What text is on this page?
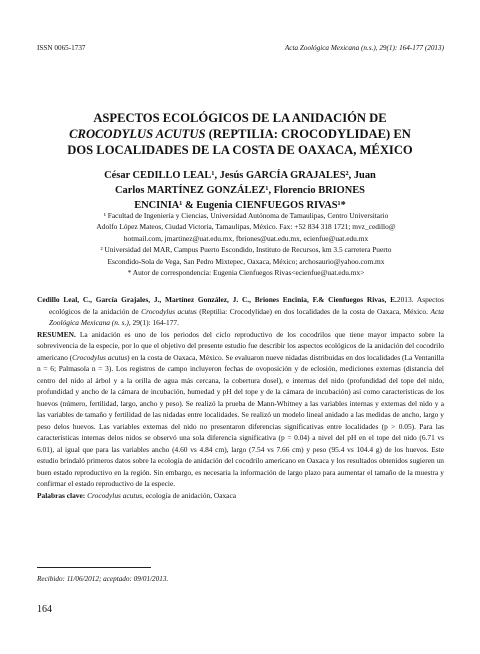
ISSN 0065-1737	Acta Zoológica Mexicana (n.s.), 29(1): 164-177 (2013)
ASPECTOS ECOLÓGICOS DE LA ANIDACIÓN DE
CROCODYLUS ACUTUS (REPTILIA: CROCODYLIDAE) EN
DOS LOCALIDADES DE LA COSTA DE OAXACA, MÉXICO
César CEDILLO LEAL¹, Jesús GARCÍA GRAJALES², Juan
Carlos MARTÍNEZ GONZÁLEZ¹, Florencio BRIONES
ENCINIA¹ & Eugenia CIENFUEGOS RIVAS¹*
¹ Facultad de Ingeniería y Ciencias, Universidad Autónoma de Tamaulipas, Centro Universitario
Adolfo López Mateos, Ciudad Victoria, Tamaulipas, México. Fax: +52 834 318 1721; mvz_cedillo@
hotmail.com, jmartinez@uat.edu.mx, fbriones@uat.edu.mx, ecienfue@uat.edu.mx
² Universidad del MAR, Campus Puerto Escondido, Instituto de Recursos, km 3.5 carretera Puerto
Escondido-Sola de Vega, San Pedro Mixtepec, Oaxaca, México; archosaurio@yahoo.com.mx
* Autor de correspondencia: Eugenia Cienfuegos Rivas<ecienfue@uat.edu.mx>

Cedillo Leal, C., García Grajales, J., Martínez González, J. C., Briones Encinia, F.& Cienfuegos Rivas, E.2013. Aspectos ecológicos de la anidación de Crocodylus acutus (Reptilia: Crocodylidae) en dos localidades de la costa de Oaxaca, México. Acta Zoológica Mexicana (n. s.), 29(1): 164-177.

RESUMEN. La anidación es uno de los periodos del ciclo reproductivo de los cocodrilos que tiene mayor impacto sobre la sobrevivencia de la especie, por lo que el objetivo del presente estudio fue describir los aspectos ecológicos de la anidación del cocodrilo americano (Crocodylus acutus) en la costa de Oaxaca, México. Se evaluaron nueve nidadas distribuidas en dos localidades (La Ventanilla n = 6; Palmasola n = 3). Los registros de campo incluyeron fechas de ovoposición y de eclosión, mediciones externas (distancia del centro del nido al árbol y a la orilla de agua más cercana, la cobertura dosel), e internas del nido (profundidad del tope del nido, profundidad y ancho de la cámara de incubación, humedad y pH del tope y de la cámara de incubación) así como características de los huevos (número, fertilidad, largo, ancho y peso). Se realizó la prueba de Mann-Whitney a las variables internas y externas del nido y a las variables de tamaño y fertilidad de las nidadas entre localidades. Se realizó un modelo lineal anidado a las medidas de ancho, largo y peso delos huevos. Las variables externas del nido no presentaron diferencias significativas entre localidades (p > 0.05). Para las características internas delos nidos se observó una sola diferencia significativa (p = 0.04) a nivel del pH en el tope del nido (6.71 vs 6.01), al igual que para las variables ancho (4.60 vs 4.84 cm), largo (7.54 vs 7.66 cm) y peso (95.4 vs 104.4 g) de los huevos. Este estudio brindaló primeros datos sobre la ecología de anidación del cocodrilo americano en Oaxaca y los resultados obtenidos sugieren un buen estado reproductivo en la región. Sin embargo, es necesaria la información de largo plazo para aumentar el tamaño de la muestra y confirmar el estado reproductivo de la especie.

Palabras clave: Crocodylus acutus, ecología de anidación, Oaxaca

Recibido: 11/06/2012; aceptado: 09/01/2013.
164
